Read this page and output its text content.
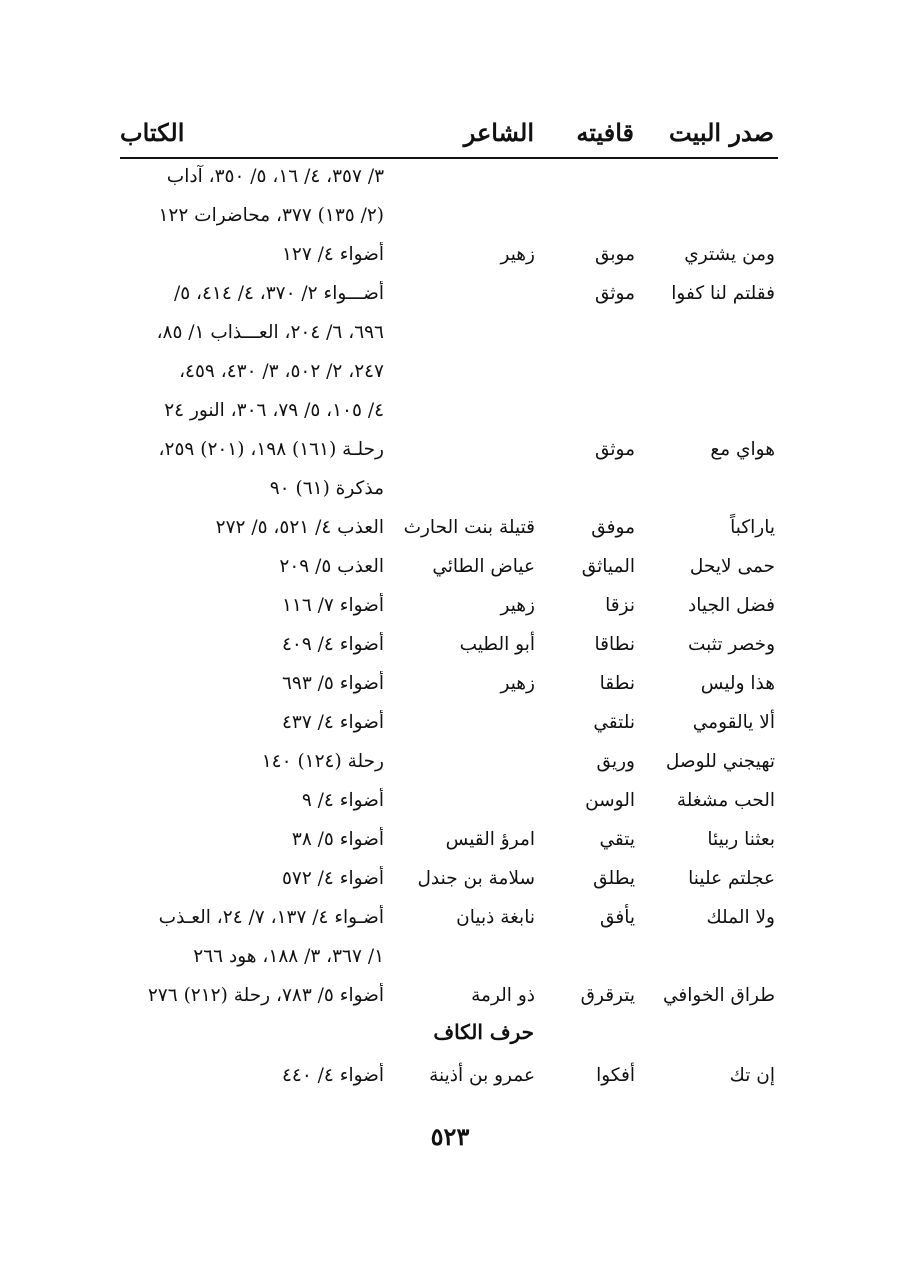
صدر البيت
قافيته
الشاعر
الكتاب
٣/ ٣٥٧، ٤/ ١٦، ٥/ ٣٥٠، آداب
(٢/ ١٣٥) ٣٧٧، محاضرات ١٢٢
ومن يشتري
موبق
زهير
أضواء ٤/ ١٢٧
فقلتم لنا كفوا
موثق
أضـــواء ٢/ ٣٧٠، ٤/ ٤١٤، ٥/
٦٩٦، ٦/ ٢٠٤، العـــذاب ١/ ٨٥،
٢٤٧، ٢/ ٥٠٢، ٣/ ٤٣٠، ٤٥٩،
٤/ ١٠٥، ٥/ ٧٩، ٣٠٦، النور ٢٤
هواي مع
موثق
رحلـة (١٦١) ١٩٨، (٢٠١) ٢٥٩،
مذكرة (٦١) ٩٠
ياراكباً
موفق
قتيلة بنت الحارث
العذب ٤/ ٥٢١، ٥/ ٢٧٢
حمى لايحل
المياثق
عياض الطائي
العذب ٥/ ٢٠٩
فضل الجياد
نزقا
زهير
أضواء ٧/ ١١٦
وخصر تثبت
نطاقا
أبو الطيب
أضواء ٤/ ٤٠٩
هذا وليس
نطقا
زهير
أضواء ٥/ ٦٩٣
ألا يالقومي
نلتقي
أضواء ٤/ ٤٣٧
تهيجني للوصل
وريق
رحلة (١٢٤) ١٤٠
الحب مشغلة
الوسن
أضواء ٤/ ٩
بعثنا ربيئا
يتقي
امرؤ القيس
أضواء ٥/ ٣٨
عجلتم علينا
يطلق
سلامة بن جندل
أضواء ٤/ ٥٧٢
ولا الملك
يأفق
نابغة ذبيان
أضـواء ٤/ ١٣٧، ٧/ ٢٤، العـذب
١/ ٣٦٧، ٣/ ١٨٨، هود ٢٦٦
طراق الخوافي
يترقرق
ذو الرمة
أضواء ٥/ ٧٨٣، رحلة (٢١٢) ٢٧٦
حرف الكاف
إن تك
أفكوا
عمرو بن أذينة
أضواء ٤/ ٤٤٠
٥٢٣
